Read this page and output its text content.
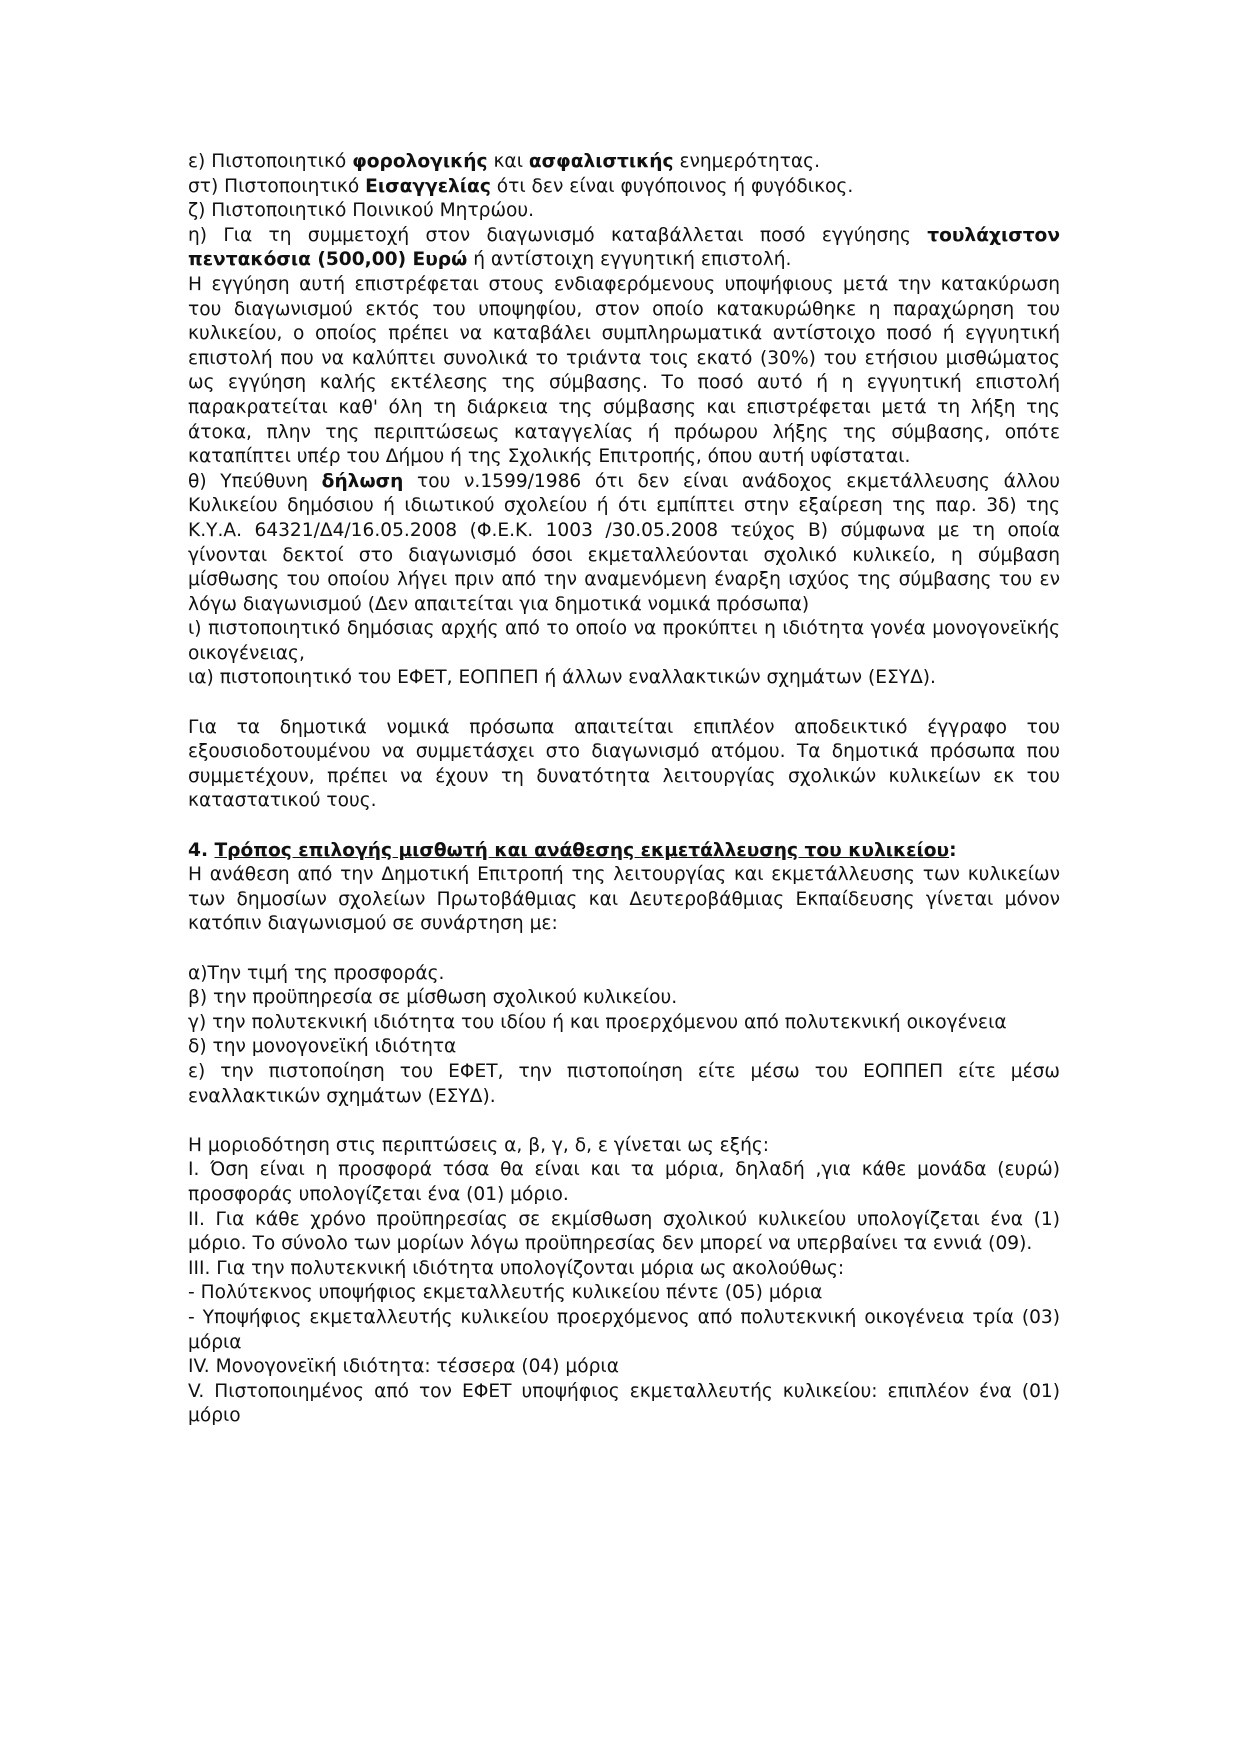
ε) Πιστοποιητικό φορολογικής και ασφαλιστικής ενημερότητας.

στ) Πιστοποιητικό Εισαγγελίας ότι δεν είναι φυγόποινος ή φυγόδικος.

ζ) Πιστοποιητικό Ποινικού Μητρώου.

η) Για τη συμμετοχή στον διαγωνισμό καταβάλλεται ποσό εγγύησης τουλάχιστον πεντακόσια (500,00) Ευρώ ή αντίστοιχη εγγυητική επιστολή.

Η εγγύηση αυτή επιστρέφεται στους ενδιαφερόμενους υποψήφιους μετά την κατακύρωση του διαγωνισμού εκτός του υποψηφίου, στον οποίο κατακυρώθηκε η παραχώρηση του κυλικείου, ο οποίος πρέπει να καταβάλει συμπληρωματικά αντίστοιχο ποσό ή εγγυητική επιστολή που να καλύπτει συνολικά το τριάντα τοις εκατό (30%) του ετήσιου μισθώματος ως εγγύηση καλής εκτέλεσης της σύμβασης. Το ποσό αυτό ή η εγγυητική επιστολή παρακρατείται καθ' όλη τη διάρκεια της σύμβασης και επιστρέφεται μετά τη λήξη της άτοκα, πλην της περιπτώσεως καταγγελίας ή πρόωρου λήξης της σύμβασης, οπότε καταπίπτει υπέρ του Δήμου ή της Σχολικής Επιτροπής, όπου αυτή υφίσταται.

θ) Υπεύθυνη δήλωση του ν.1599/1986 ότι δεν είναι ανάδοχος εκμετάλλευσης άλλου Κυλικείου δημόσιου ή ιδιωτικού σχολείου ή ότι εμπίπτει στην εξαίρεση της παρ. 3δ) της Κ.Υ.Α. 64321/Δ4/16.05.2008 (Φ.Ε.Κ. 1003 /30.05.2008 τεύχος Β) σύμφωνα με τη οποία γίνονται δεκτοί στο διαγωνισμό όσοι εκμεταλλεύονται σχολικό κυλικείο, η σύμβαση μίσθωσης του οποίου λήγει πριν από την αναμενόμενη έναρξη ισχύος της σύμβασης του εν λόγω διαγωνισμού (Δεν απαιτείται για δημοτικά νομικά πρόσωπα)

ι) πιστοποιητικό δημόσιας αρχής από το οποίο να προκύπτει η ιδιότητα γονέα μονογονεϊκής οικογένειας,

ια) πιστοποιητικό του ΕΦΕΤ, ΕΟΠΠΕΠ ή άλλων εναλλακτικών σχημάτων (ΕΣΥΔ).

Για τα δημοτικά νομικά πρόσωπα απαιτείται επιπλέον αποδεικτικό έγγραφο του εξουσιοδοτουμένου να συμμετάσχει στο διαγωνισμό ατόμου. Τα δημοτικά πρόσωπα που συμμετέχουν, πρέπει να έχουν τη δυνατότητα λειτουργίας σχολικών κυλικείων εκ του καταστατικού τους.

4. Τρόπος επιλογής μισθωτή και ανάθεσης εκμετάλλευσης του κυλικείου:

Η ανάθεση από την Δημοτική Επιτροπή της λειτουργίας και εκμετάλλευσης των κυλικείων των δημοσίων σχολείων Πρωτοβάθμιας και Δευτεροβάθμιας Εκπαίδευσης γίνεται μόνον κατόπιν διαγωνισμού σε συνάρτηση με:

α)Την τιμή της προσφοράς.

β) την προϋπηρεσία σε μίσθωση σχολικού κυλικείου.

γ) την πολυτεκνική ιδιότητα του ιδίου ή και προερχόμενου από πολυτεκνική οικογένεια

δ) την μονογονεϊκή ιδιότητα

ε) την πιστοποίηση του ΕΦΕΤ, την πιστοποίηση είτε μέσω του ΕΟΠΠΕΠ είτε μέσω εναλλακτικών σχημάτων (ΕΣΥΔ).

Η μοριοδότηση στις περιπτώσεις α, β, γ, δ, ε γίνεται ως εξής:

I. Όση είναι η προσφορά τόσα θα είναι και τα μόρια, δηλαδή ,για κάθε μονάδα (ευρώ) προσφοράς υπολογίζεται ένα (01) μόριο.

II. Για κάθε χρόνο προϋπηρεσίας σε εκμίσθωση σχολικού κυλικείου υπολογίζεται ένα (1) μόριο. Το σύνολο των μορίων λόγω προϋπηρεσίας δεν μπορεί να υπερβαίνει τα εννιά (09).

III. Για την πολυτεκνική ιδιότητα υπολογίζονται μόρια ως ακολούθως:

- Πολύτεκνος υποψήφιος εκμεταλλευτής κυλικείου πέντε (05) μόρια

- Υποψήφιος εκμεταλλευτής κυλικείου προερχόμενος από πολυτεκνική οικογένεια τρία (03) μόρια

IV. Μονογονεϊκή ιδιότητα: τέσσερα (04) μόρια

V. Πιστοποιημένος από τον ΕΦΕΤ υποψήφιος εκμεταλλευτής κυλικείου: επιπλέον ένα (01) μόριο
